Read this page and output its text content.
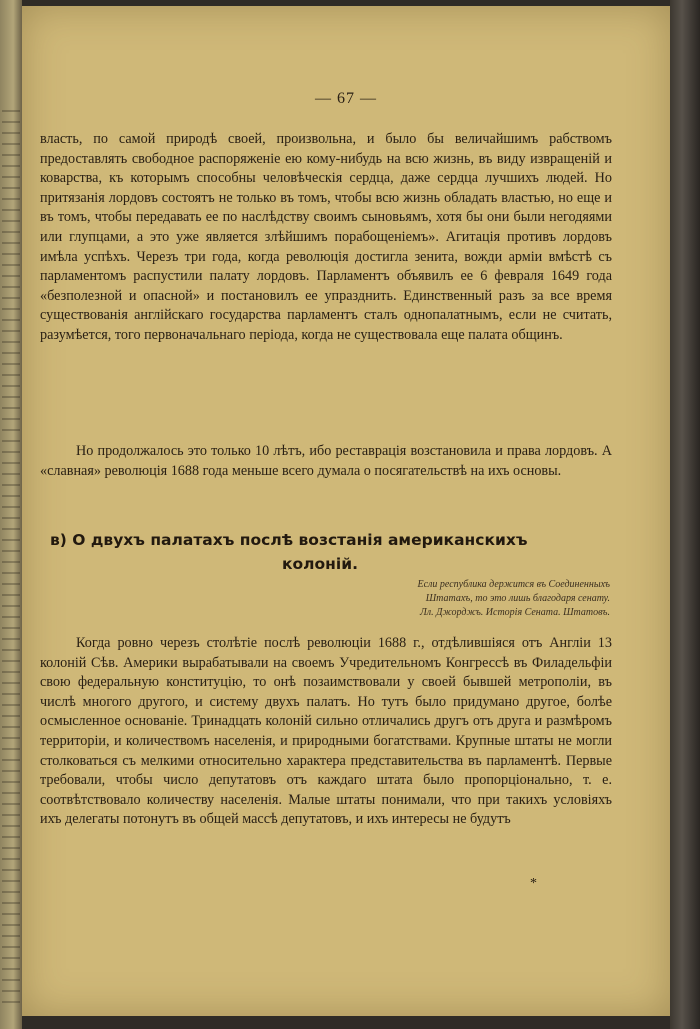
— 67 —

власть, по самой природѣ своей, произвольна, и было бы величайшимъ рабствомъ предоставлять свободное распоряженіе ею кому-нибудь на всю жизнь, въ виду извращеній и коварства, къ которымъ способны человѣческія сердца, даже сердца лучшихъ людей. Но притязанія лордовъ состоятъ не только въ томъ, чтобы всю жизнь обладать властью, но еще и въ томъ, чтобы передавать ее по наслѣдству своимъ сыновьямъ, хотя бы они были негодяями или глупцами, а это уже является злѣйшимъ порабощеніемъ». Агитація противъ лордовъ имѣла успѣхъ. Черезъ три года, когда революція достигла зенита, вожди арміи вмѣстѣ съ парламентомъ распустили палату лордовъ. Парламентъ объявилъ ее 6 февраля 1649 года «безполезной и опасной» и постановилъ ее упразднить. Единственный разъ за все время существованія англійскаго государства парламентъ сталъ однопалатнымъ, если не считать, разумѣется, того первоначальнаго періода, когда не существовала еще палата общинъ.

Но продолжалось это только 10 лѣтъ, ибо реставрація возстановила и права лордовъ. А «славная» революція 1688 года меньше всего думала о посягательствѣ на ихъ основы.

в) О двухъ палатахъ послѣ возстанія американскихъ
колоній.
Если республика держится въ Соединенныхъ
Штатахъ, то это лишь благодаря сенату.
Лл. Джорджъ. Исторія Сената. Штатовъ.

Когда ровно черезъ столѣтіе послѣ революціи 1688 г., отдѣлившіяся отъ Англіи 13 колоній Сѣв. Америки вырабатывали на своемъ Учредительномъ Конгрессѣ въ Филадельфіи свою федеральную конституцію, то онѣ позаимствовали у своей бывшей метрополіи, въ числѣ многого другого, и систему двухъ палатъ. Но тутъ было придумано другое, болѣе осмысленное основаніе. Тринадцать колоній сильно отличались другъ отъ друга и размѣромъ территоріи, и количествомъ населенія, и природными богатствами. Крупные штаты не могли столковаться съ мелкими относительно характера представительства въ парламентѣ. Первые требовали, чтобы число депутатовъ отъ каждаго штата было пропорціонально, т. е. соотвѣтствовало количеству населенія. Малые штаты понимали, что при такихъ условіяхъ ихъ делегаты потонутъ въ общей массѣ депутатовъ, и ихъ интересы не будутъ

*
